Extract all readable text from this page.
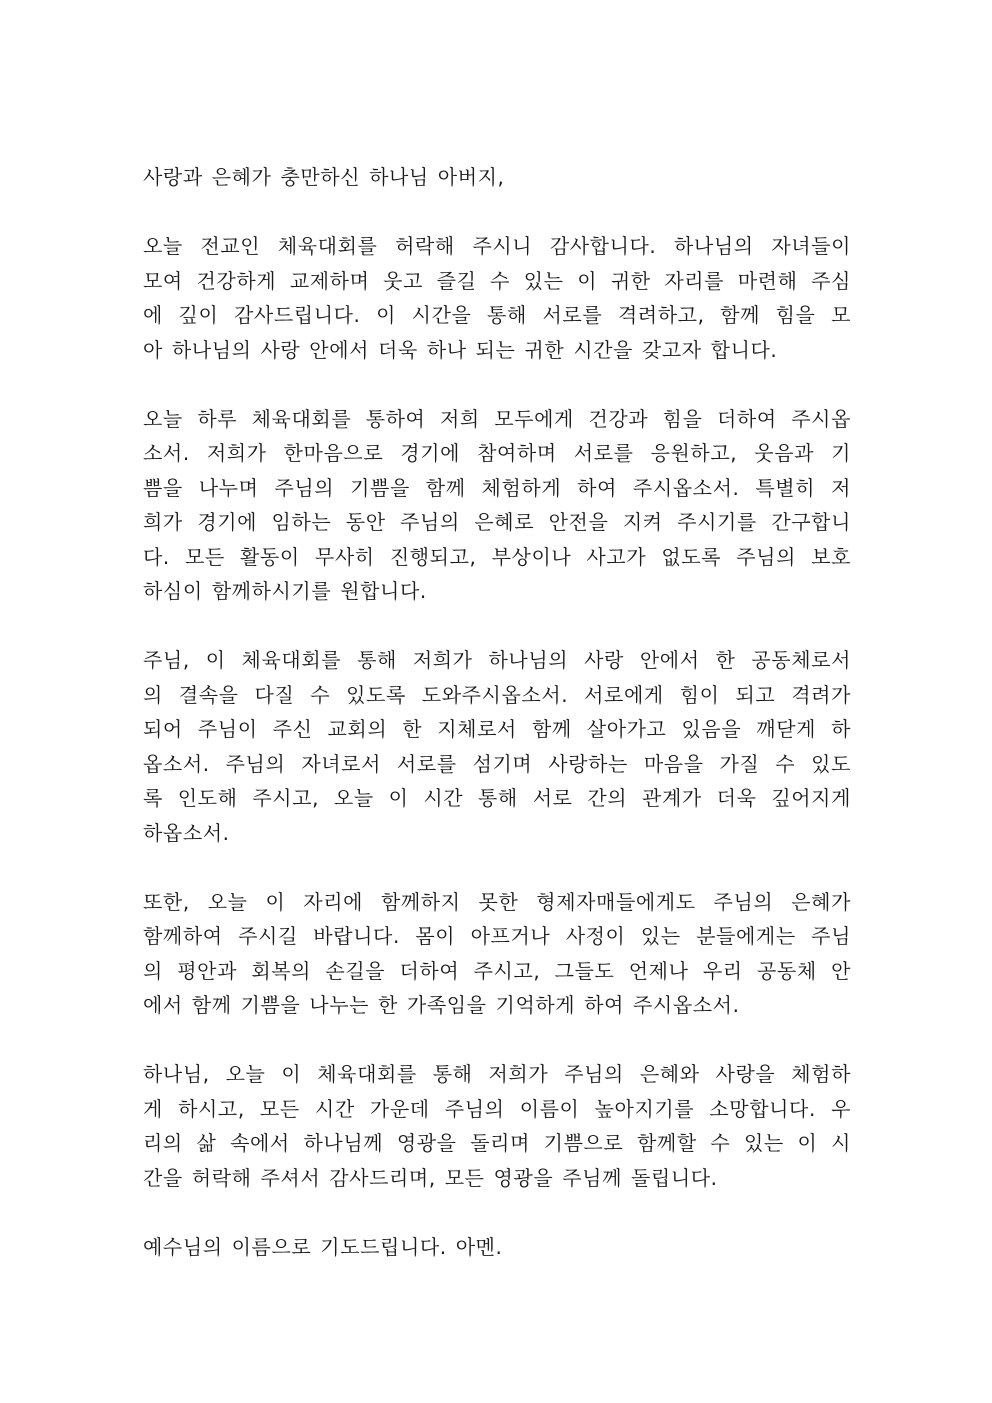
사랑과 은혜가 충만하신 하나님 아버지,
오늘 전교인 체육대회를 허락해 주시니 감사합니다. 하나님의 자녀들이
모여 건강하게 교제하며 웃고 즐길 수 있는 이 귀한 자리를 마련해 주심
에 깊이 감사드립니다. 이 시간을 통해 서로를 격려하고, 함께 힘을 모
아 하나님의 사랑 안에서 더욱 하나 되는 귀한 시간을 갖고자 합니다.
오늘 하루 체육대회를 통하여 저희 모두에게 건강과 힘을 더하여 주시옵
소서. 저희가 한마음으로 경기에 참여하며 서로를 응원하고, 웃음과 기
쁨을 나누며 주님의 기쁨을 함께 체험하게 하여 주시옵소서. 특별히 저
희가 경기에 임하는 동안 주님의 은혜로 안전을 지켜 주시기를 간구합니
다. 모든 활동이 무사히 진행되고, 부상이나 사고가 없도록 주님의 보호
하심이 함께하시기를 원합니다.
주님, 이 체육대회를 통해 저희가 하나님의 사랑 안에서 한 공동체로서
의 결속을 다질 수 있도록 도와주시옵소서. 서로에게 힘이 되고 격려가
되어 주님이 주신 교회의 한 지체로서 함께 살아가고 있음을 깨닫게 하
옵소서. 주님의 자녀로서 서로를 섬기며 사랑하는 마음을 가질 수 있도
록 인도해 주시고, 오늘 이 시간 통해 서로 간의 관계가 더욱 깊어지게
하옵소서.
또한, 오늘 이 자리에 함께하지 못한 형제자매들에게도 주님의 은혜가
함께하여 주시길 바랍니다. 몸이 아프거나 사정이 있는 분들에게는 주님
의 평안과 회복의 손길을 더하여 주시고, 그들도 언제나 우리 공동체 안
에서 함께 기쁨을 나누는 한 가족임을 기억하게 하여 주시옵소서.
하나님, 오늘 이 체육대회를 통해 저희가 주님의 은혜와 사랑을 체험하
게 하시고, 모든 시간 가운데 주님의 이름이 높아지기를 소망합니다. 우
리의 삶 속에서 하나님께 영광을 돌리며 기쁨으로 함께할 수 있는 이 시
간을 허락해 주셔서 감사드리며, 모든 영광을 주님께 돌립니다.
예수님의 이름으로 기도드립니다. 아멘.
